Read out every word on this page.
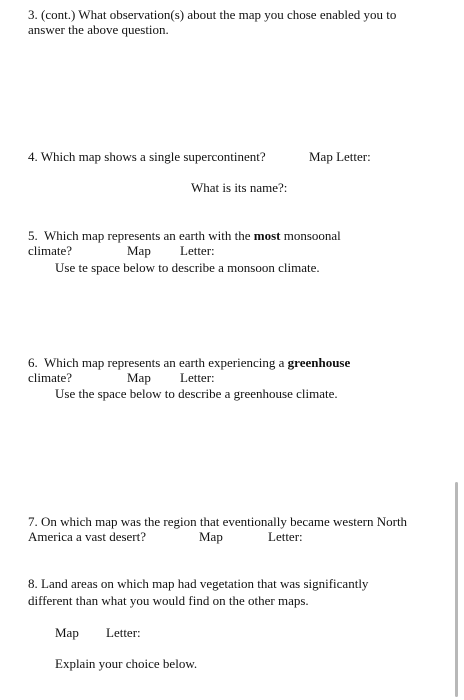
3. (cont.) What observation(s) about the map you chose enabled you to
answer the above question.
4. Which map shows a single supercontinent?	Map Letter:
What is its name?:
5.  Which map represents an earth with the most monsoonal
climate?	Map Letter:
Use te space below to describe a monsoon climate.
6.  Which map represents an earth experiencing a greenhouse
climate?	Map Letter:
Use the space below to describe a greenhouse climate.
7. On which map was the region that eventionally became western North
America a vast desert?	Map	Letter:
8. Land areas on which map had vegetation that was significantly
different than what you would find on the other maps.
Map Letter:
Explain your choice below.
